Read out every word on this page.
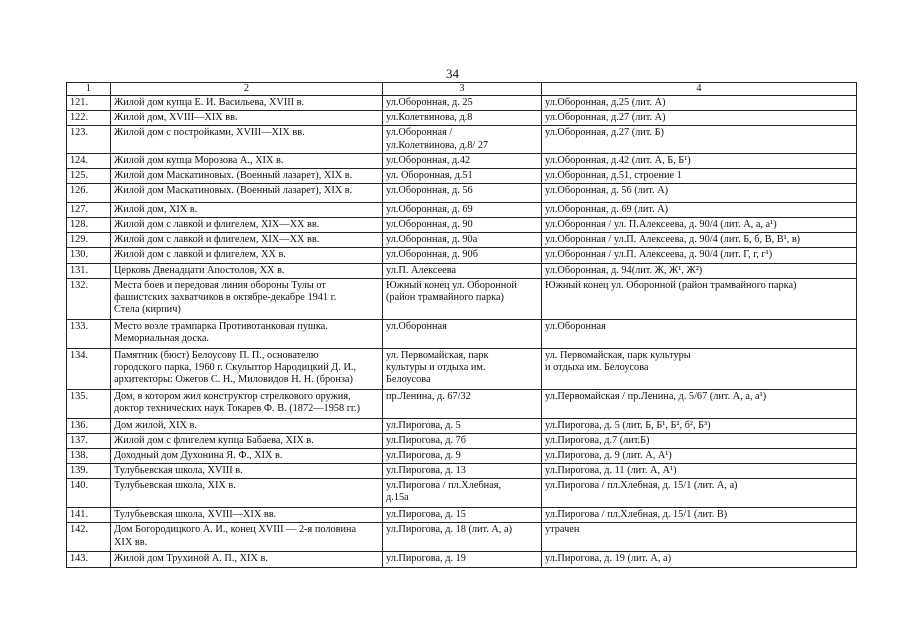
34
1	2	3	4
121.	Жилой дом купца Е. И. Васильева, XVIII в.	ул.Оборонная, д. 25	ул.Оборонная, д.25 (лит. А)
122.	Жилой дом, XVIII—XIX вв.	ул.Колетвинова, д.8	ул.Оборонная, д.27 (лит. А)
123.	Жилой дом с постройками, XVIII—XIX вв.	ул.Оборонная /
ул.Колетвинова, д.8/ 27	ул.Оборонная, д.27 (лит. Б)
124.	Жилой дом купца Морозова А., XIX в.	ул.Оборонная, д.42	ул.Оборонная, д.42 (лит. А, Б, Б¹)
125.	Жилой дом Маскатиновых. (Военный лазарет), XIX в.	ул. Оборонная, д.51	ул.Оборонная, д.51, строение 1
126.	Жилой дом Маскатиновых. (Военный лазарет), XIX в.	ул.Оборонная, д. 56	ул.Оборонная, д. 56 (лит. А)
127.	Жилой дом, XIX в.	ул.Оборонная, д. 69	ул.Оборонная, д. 69 (лит. А)
128.	Жилой дом с лавкой и флигелем, XIX—XX вв.	ул.Оборонная, д. 90	ул.Оборонная / ул. П.Алексеева, д. 90/4 (лит. А, а, а¹)
129.	Жилой дом с лавкой и флигелем, XIX—XX вв.	ул.Оборонная, д. 90а	ул.Оборонная / ул.П. Алексеева, д. 90/4 (лит. Б, б, В, В¹, в)
130.	Жилой дом с лавкой и флигелем, XX в.	ул.Оборонная, д. 90б	ул.Оборонная / ул.П. Алексеева, д. 90/4 (лит. Г, г, г¹)
131.	Церковь Двенадцати Апостолов, XX в.	ул.П. Алексеева	ул.Оборонная, д. 94(лит. Ж, Ж¹, Ж²)
132.	Места боев и передовая линия обороны Тулы от
фашистских захватчиков в октябре-декабре 1941 г.
Стела (кирпич)	Южный конец ул. Оборонной
(район трамвайного парка)	Южный конец ул. Оборонной (район трамвайного парка)
133.	Место возле трампарка Противотанковая пушка.
Мемориальная доска.	ул.Оборонная	ул.Оборонная
134.	Памятник (бюст) Белоусову П. П., основателю
городского парка, 1960 г. Скульптор Народицкий Д. И.,
архитекторы: Ожегов С. Н., Миловидов Н. Н. (бронза)	ул. Первомайская, парк
культуры и отдыха им.
Белоусова	ул. Первомайская, парк культуры
и отдыха им. Белоусова
135.	Дом, в котором жил конструктор стрелкового оружия,
доктор технических наук Токарев Ф. В. (1872—1958 гг.)	пр.Ленина, д. 67/32	ул.Первомайская / пр.Ленина, д. 5/67 (лит. А, а, а¹)
136.	Дом жилой, XIX в.	ул.Пирогова, д. 5	ул.Пирогова, д. 5 (лит. Б, Б¹, Б², б², Б³)
137.	Жилой дом с флигелем купца Бабаева, XIX в.	ул.Пирогова, д. 7б	ул.Пирогова, д.7 (лит.Б)
138.	Доходный дом Духонина Я. Ф., XIX в.	ул.Пирогова, д. 9	ул.Пирогова, д. 9 (лит. А, А¹)
139.	Тулубьевская школа, XVIII в.	ул.Пирогова, д. 13	ул.Пирогова, д. 11 (лит. А, А¹)
140.	Тулубьевская школа, XIX в.	ул.Пирогова / пл.Хлебная,
д.15а	ул.Пирогова / пл.Хлебная, д. 15/1 (лит. А, а)
141.	Тулубьевская школа, XVIII—XIX вв.	ул.Пирогова, д. 15	ул.Пирогова / пл.Хлебная, д. 15/1 (лит. В)
142.	Дом Богородицкого А. И., конец XVIII — 2-я половина
XIX вв.	ул.Пирогова, д. 18 (лит. А, а)	утрачен
143.	Жилой дом Трухиной А. П., XIX в.	ул.Пирогова, д. 19	ул.Пирогова, д. 19 (лит. А, а)
